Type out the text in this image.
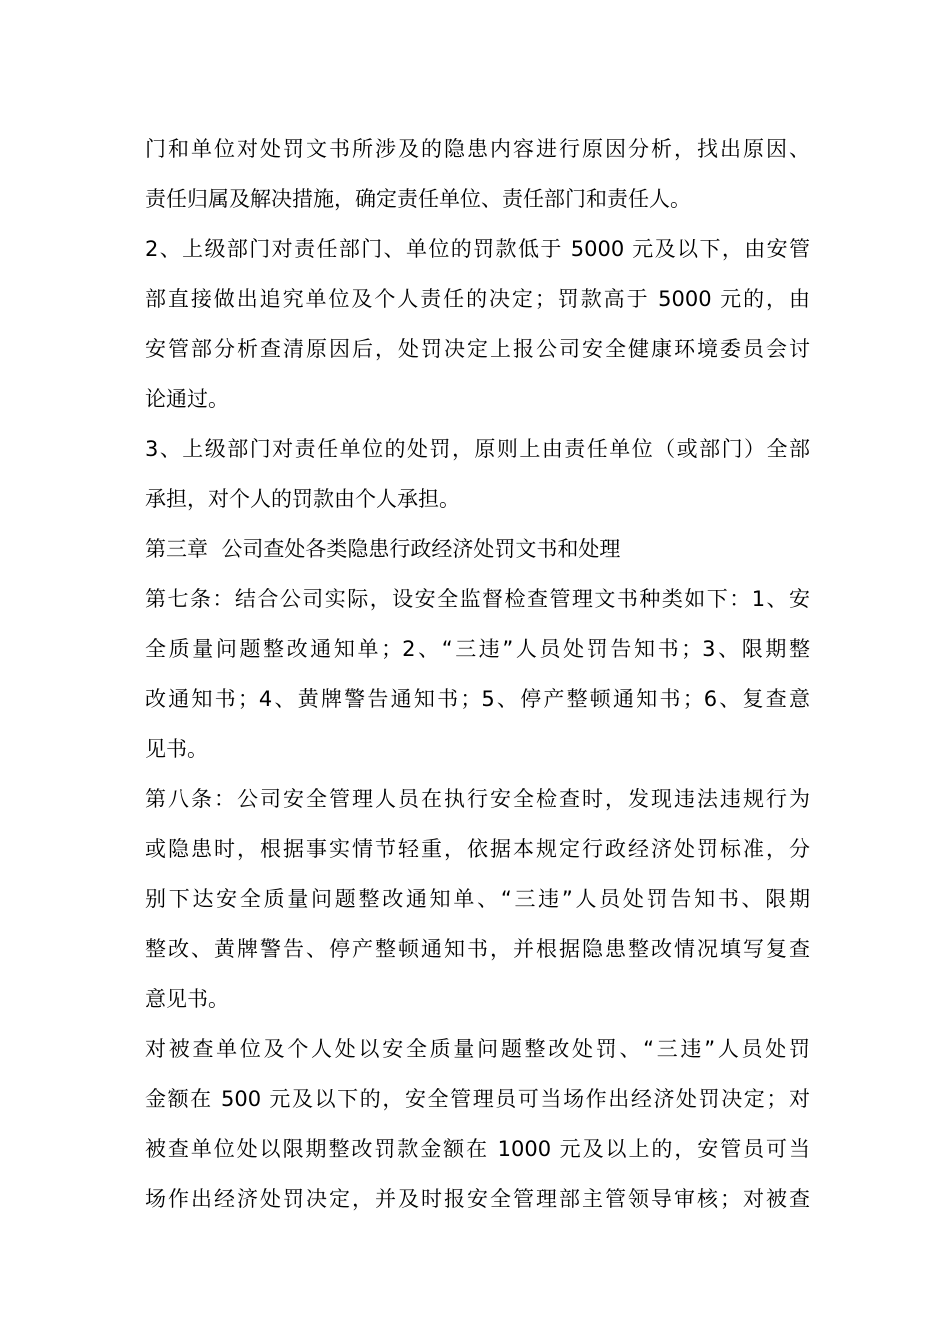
门和单位对处罚文书所涉及的隐患内容进行原因分析，找出原因、
责任归属及解决措施，确定责任单位、责任部门和责任人。
2、上级部门对责任部门、单位的罚款低于 5000 元及以下，由安管
部直接做出追究单位及个人责任的决定；罚款高于 5000 元的，由
安管部分析查清原因后，处罚决定上报公司安全健康环境委员会讨
论通过。
3、上级部门对责任单位的处罚，原则上由责任单位（或部门）全部
承担，对个人的罚款由个人承担。
第三章  公司查处各类隐患行政经济处罚文书和处理
第七条：结合公司实际，设安全监督检查管理文书种类如下：1、安
全质量问题整改通知单；2、“三违”人员处罚告知书；3、限期整
改通知书；4、黄牌警告通知书；5、停产整顿通知书；6、复查意
见书。
第八条：公司安全管理人员在执行安全检查时，发现违法违规行为
或隐患时，根据事实情节轻重，依据本规定行政经济处罚标准，分
别下达安全质量问题整改通知单、“三违”人员处罚告知书、限期
整改、黄牌警告、停产整顿通知书，并根据隐患整改情况填写复查
意见书。
对被查单位及个人处以安全质量问题整改处罚、“三违”人员处罚
金额在 500 元及以下的，安全管理员可当场作出经济处罚决定；对
被查单位处以限期整改罚款金额在 1000 元及以上的，安管员可当
场作出经济处罚决定，并及时报安全管理部主管领导审核；对被查
